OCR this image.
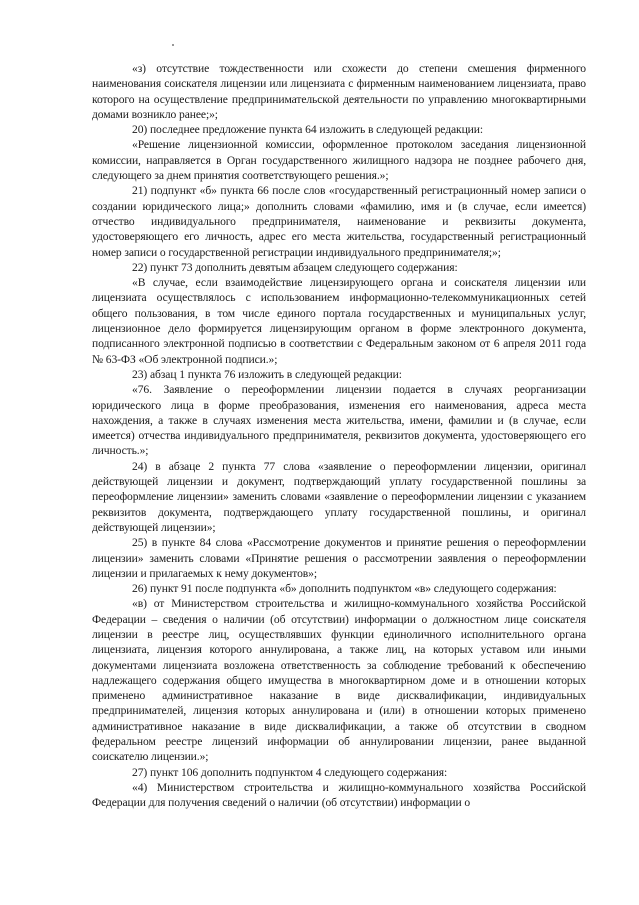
«з) отсутствие тождественности или схожести до степени смешения фирменного наименования соискателя лицензии или лицензиата с фирменным наименованием лицензиата, право которого на осуществление предпринимательской деятельности по управлению многоквартирными домами возникло ранее;»;

20) последнее предложение пункта 64 изложить в следующей редакции:

«Решение лицензионной комиссии, оформленное протоколом заседания лицензионной комиссии, направляется в Орган государственного жилищного надзора не позднее рабочего дня, следующего за днем принятия соответствующего решения.»;

21) подпункт «б» пункта 66 после слов «государственный регистрационный номер записи о создании юридического лица;» дополнить словами «фамилию, имя и (в случае, если имеется) отчество индивидуального предпринимателя, наименование и реквизиты документа, удостоверяющего его личность, адрес его места жительства, государственный регистрационный номер записи о государственной регистрации индивидуального предпринимателя;»;

22) пункт 73 дополнить девятым абзацем следующего содержания:

«В случае, если взаимодействие лицензирующего органа и соискателя лицензии или лицензиата осуществлялось с использованием информационно-телекоммуникационных сетей общего пользования, в том числе единого портала государственных и муниципальных услуг, лицензионное дело формируется лицензирующим органом в форме электронного документа, подписанного электронной подписью в соответствии с Федеральным законом от 6 апреля 2011 года № 63-ФЗ «Об электронной подписи.»;

23) абзац 1 пункта 76 изложить в следующей редакции:

«76. Заявление о переоформлении лицензии подается в случаях реорганизации юридического лица в форме преобразования, изменения его наименования, адреса места нахождения, а также в случаях изменения места жительства, имени, фамилии и (в случае, если имеется) отчества индивидуального предпринимателя, реквизитов документа, удостоверяющего его личность.»;

24) в абзаце 2 пункта 77 слова «заявление о переоформлении лицензии, оригинал действующей лицензии и документ, подтверждающий уплату государственной пошлины за переоформление лицензии» заменить словами «заявление о переоформлении лицензии с указанием реквизитов документа, подтверждающего уплату государственной пошлины, и оригинал действующей лицензии»;

25) в пункте 84 слова «Рассмотрение документов и принятие решения о переоформлении лицензии» заменить словами «Принятие решения о рассмотрении заявления о переоформлении лицензии и прилагаемых к нему документов»;

26) пункт 91 после подпункта «б» дополнить подпунктом «в» следующего содержания:

«в) от Министерством строительства и жилищно-коммунального хозяйства Российской Федерации – сведения о наличии (об отсутствии) информации о должностном лице соискателя лицензии в реестре лиц, осуществлявших функции единоличного исполнительного органа лицензиата, лицензия которого аннулирована, а также лиц, на которых уставом или иными документами лицензиата возложена ответственность за соблюдение требований к обеспечению надлежащего содержания общего имущества в многоквартирном доме и в отношении которых применено административное наказание в виде дисквалификации, индивидуальных предпринимателей, лицензия которых аннулирована и (или) в отношении которых применено административное наказание в виде дисквалификации, а также об отсутствии в сводном федеральном реестре лицензий информации об аннулировании лицензии, ранее выданной соискателю лицензии.»;

27) пункт 106 дополнить подпунктом 4 следующего содержания:

«4) Министерством строительства и жилищно-коммунального хозяйства Российской Федерации для получения сведений о наличии (об отсутствии) информации о
